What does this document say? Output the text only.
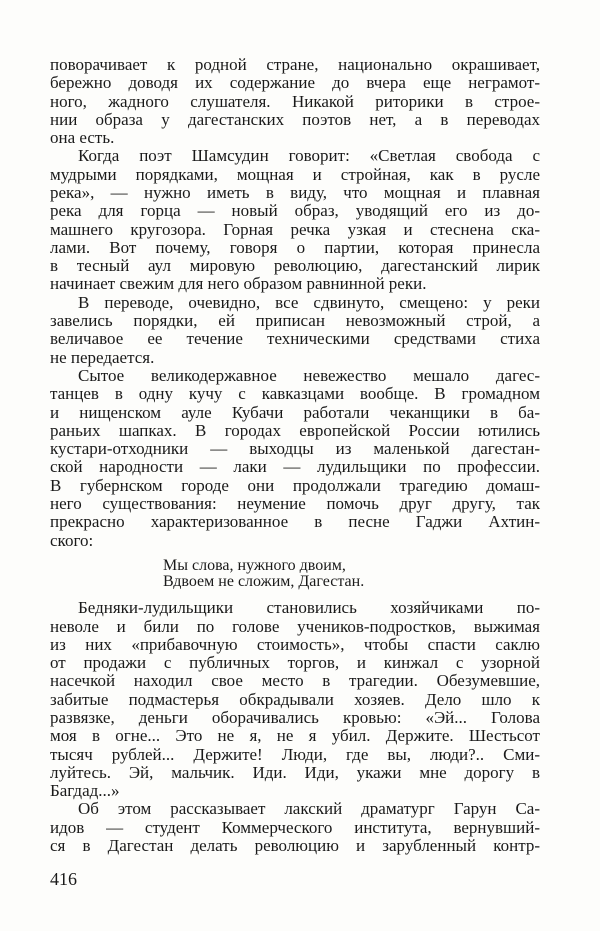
поворачивает к родной стране, национально окрашивает,
бережно доводя их содержание до вчера еще неграмот-
ного, жадного слушателя. Никакой риторики в строе-
нии образа у дагестанских поэтов нет, а в переводах
она есть.
Когда поэт Шамсудин говорит: «Светлая свобода с
мудрыми порядками, мощная и стройная, как в русле
река», — нужно иметь в виду, что мощная и плавная
река для горца — новый образ, уводящий его из до-
машнего кругозора. Горная речка узкая и стеснена ска-
лами. Вот почему, говоря о партии, которая принесла
в тесный аул мировую революцию, дагестанский лирик
начинает свежим для него образом равнинной реки.
В переводе, очевидно, все сдвинуто, смещено: у реки
завелись порядки, ей приписан невозможный строй, а
величавое ее течение техническими средствами стиха
не передается.
Сытое великодержавное невежество мешало дагес-
танцев в одну кучу с кавказцами вообще. В громадном
и нищенском ауле Кубачи работали чеканщики в ба-
раньих шапках. В городах европейской России ютились
кустари-отходники — выходцы из маленькой дагестан-
ской народности — лаки — лудильщики по профессии.
В губернском городе они продолжали трагедию домаш-
него существования: неумение помочь друг другу, так
прекрасно характеризованное в песне Гаджи Ахтин-
ского:
Мы слова, нужного двоим,
Вдвоем не сложим, Дагестан.
Бедняки-лудильщики становились хозяйчиками по-
неволе и били по голове учеников-подростков, выжимая
из них «прибавочную стоимость», чтобы спасти саклю
от продажи с публичных торгов, и кинжал с узорной
насечкой находил свое место в трагедии. Обезумевшие,
забитые подмастерья обкрадывали хозяев. Дело шло к
развязке, деньги оборачивались кровью: «Эй... Голова
моя в огне... Это не я, не я убил. Держите. Шестьсот
тысяч рублей... Держите! Люди, где вы, люди?.. Сми-
луйтесь. Эй, мальчик. Иди. Иди, укажи мне дорогу в
Багдад...»
Об этом рассказывает лакский драматург Гарун Са-
идов — студент Коммерческого института, вернувший-
ся в Дагестан делать революцию и зарубленный контр-
416
